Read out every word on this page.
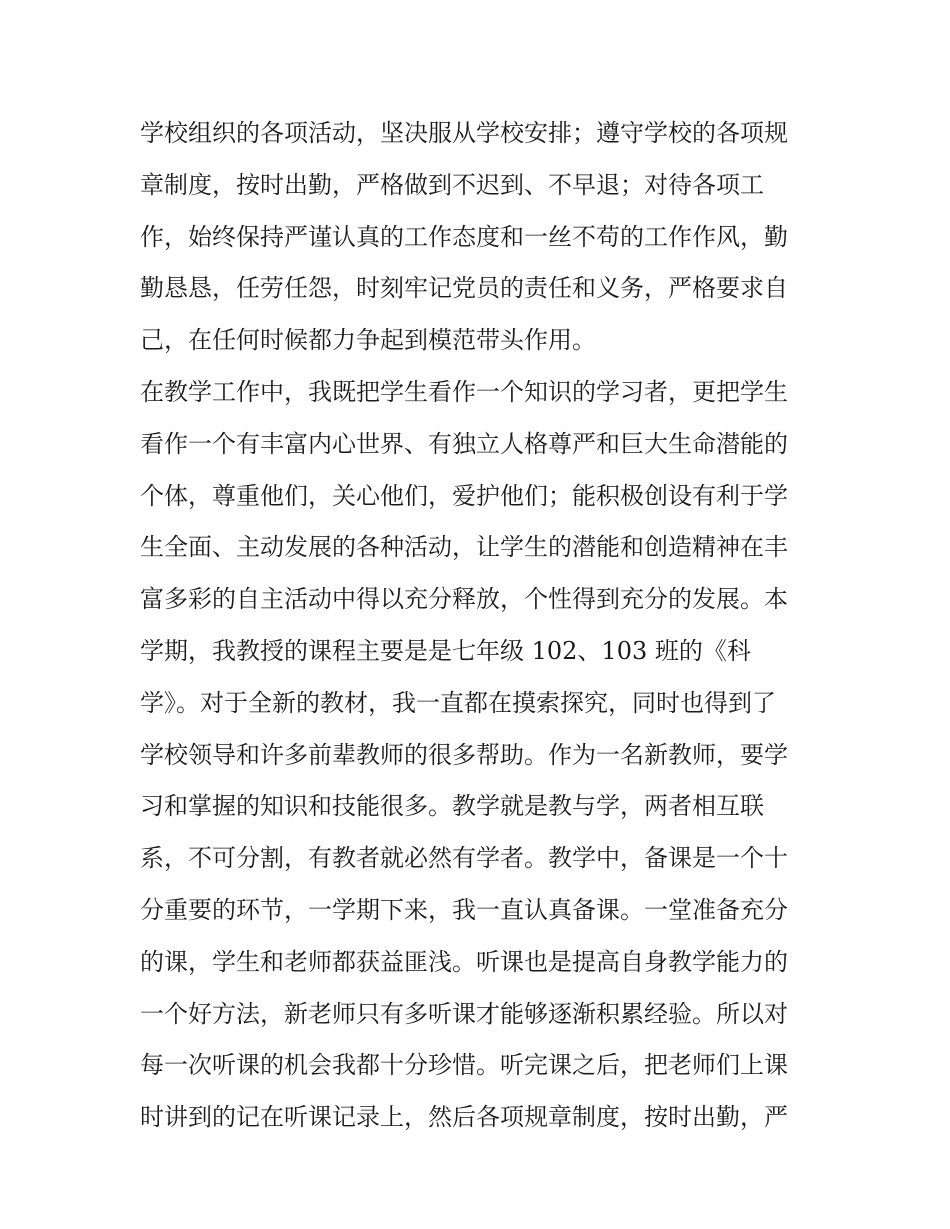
学校组织的各项活动，坚决服从学校安排；遵守学校的各项规
章制度，按时出勤，严格做到不迟到、不早退；对待各项工
作，始终保持严谨认真的工作态度和一丝不苟的工作作风，勤
勤恳恳，任劳任怨，时刻牢记党员的责任和义务，严格要求自
己，在任何时候都力争起到模范带头作用。
在教学工作中，我既把学生看作一个知识的学习者，更把学生
看作一个有丰富内心世界、有独立人格尊严和巨大生命潜能的
个体，尊重他们，关心他们，爱护他们；能积极创设有利于学
生全面、主动发展的各种活动，让学生的潜能和创造精神在丰
富多彩的自主活动中得以充分释放，个性得到充分的发展。本
学期，我教授的课程主要是是七年级 102、103 班的《科
学》。对于全新的教材，我一直都在摸索探究，同时也得到了
学校领导和许多前辈教师的很多帮助。作为一名新教师，要学
习和掌握的知识和技能很多。教学就是教与学，两者相互联
系，不可分割，有教者就必然有学者。教学中，备课是一个十
分重要的环节，一学期下来，我一直认真备课。一堂准备充分
的课，学生和老师都获益匪浅。听课也是提高自身教学能力的
一个好方法，新老师只有多听课才能够逐渐积累经验。所以对
每一次听课的机会我都十分珍惜。听完课之后，把老师们上课
时讲到的记在听课记录上，然后各项规章制度，按时出勤，严
